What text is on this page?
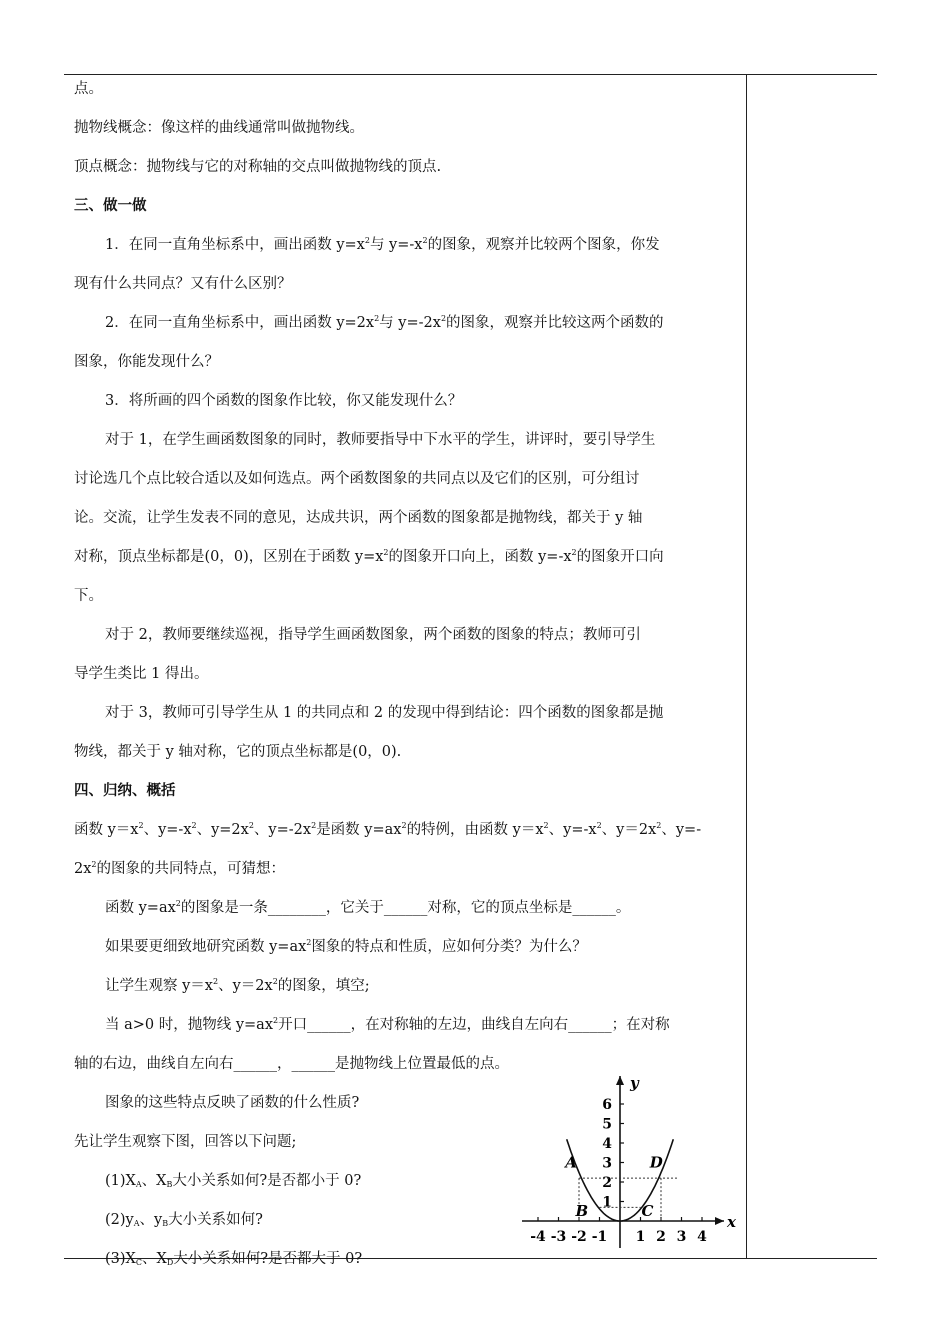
点。

抛物线概念：像这样的曲线通常叫做抛物线。

顶点概念：抛物线与它的对称轴的交点叫做抛物线的顶点.

三、做一做

1．在同一直角坐标系中，画出函数 $y=x^2$与 $y=-x^2$的图象，观察并比较两个图象，你发

现有什么共同点？又有什么区别？

2．在同一直角坐标系中，画出函数 $y=2x^2$与 $y=-2x^2$的图象，观察并比较这两个函数的

图象，你能发现什么？

3．将所画的四个函数的图象作比较，你又能发现什么？

对于 1，在学生画函数图象的同时，教师要指导中下水平的学生，讲评时，要引导学生

讨论选几个点比较合适以及如何选点。两个函数图象的共同点以及它们的区别，可分组讨

论。交流，让学生发表不同的意见，达成共识，两个函数的图象都是抛物线，都关于 y 轴

对称，顶点坐标都是(0，0)，区别在于函数 $y=x^2$的图象开口向上，函数 $y=-x^2$的图象开口向

下。

对于 2，教师要继续巡视，指导学生画函数图象，两个函数的图象的特点；教师可引

导学生类比 1 得出。

对于 3，教师可引导学生从 1 的共同点和 2 的发现中得到结论：四个函数的图象都是抛

物线，都关于 y 轴对称，它的顶点坐标都是(0，0).

四、归纳、概括

函数 $y=x^2$、$y=-x^2$、$y=2x^2$、$y=-2x^2$是函数 $y=ax^2$的特例，由函数 $y=x^2$、$y=-x^2$、$y=2x^2$、y=-

$2x^2$的图象的共同特点，可猜想：

函数 $y=ax^2$的图象是一条________，它关于______对称，它的顶点坐标是______。

如果要更细致地研究函数 $y=ax^2$图象的特点和性质，应如何分类？为什么？

让学生观察 $y=x^2$、$y=2x^2$的图象，填空;

当 a>0 时，抛物线 $y=ax^2$开口______，在对称轴的左边，曲线自左向右______；在对称

轴的右边，曲线自左向右______，______是抛物线上位置最低的点。

图象的这些特点反映了函数的什么性质?

先让学生观察下图，回答以下问题;

$(1)X_A$、$X_B$大小关系如何?是否都小于 0?

$(2)y_A$、$y_B$大小关系如何?

$(3)X_C$、$X_D$大小关系如何?是否都大于 0?

-4 -3 -2 -1 1 2 3 4
6
5
4
3
2
1
x
y
A
B	C
D
